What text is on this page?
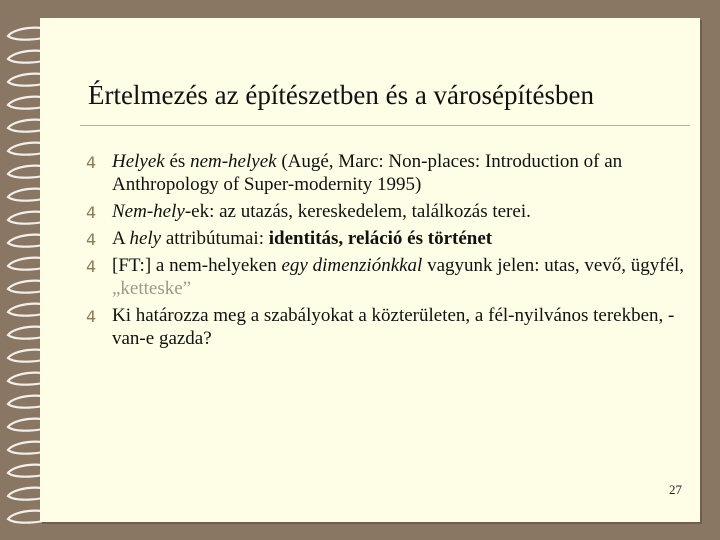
Értelmezés az építészetben és a városépítésben
4 Helyek és nem-helyek (Augé, Marc: Non-places: Introduction of an Anthropology of Super-modernity 1995)
4 Nem-hely-ek: az utazás, kereskedelem, találkozás terei.
4 A hely attribútumai: identitás, reláció és történet
4 [FT:] a nem-helyeken egy dimenziónkkal vagyunk jelen: utas, vevő, ügyfél, „ketteske”
4 Ki határozza meg a szabályokat a közterületen, a fél-nyilvános terekben, - van-e gazda?
27
